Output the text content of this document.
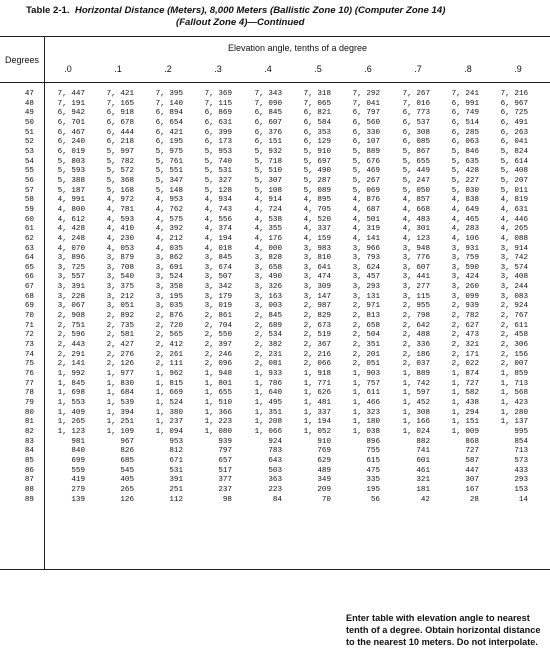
Table 2-1. Horizontal Distance (Meters), 8,000 Meters (Ballistic Zone 10) (Computer Zone 14)
(Fallout Zone 4)—Continued
Elevation angle, tenths of a degree
Degrees
.0	.1	.2	.3	.4	.5	.6	.7	.8	.9
47	7, 447	7, 421	7, 395	7, 369	7, 343	7, 318	7, 292	7, 267	7, 241	7, 216
48	7, 191	7, 165	7, 140	7, 115	7, 090	7, 065	7, 041	7, 016	6, 991	6, 967
49	6, 942	6, 918	6, 894	6, 869	6, 845	6, 821	6, 797	6, 773	6, 749	6, 725
50	6, 701	6, 678	6, 654	6, 631	6, 607	6, 584	6, 560	6, 537	6, 514	6, 491
51	6, 467	6, 444	6, 421	6, 399	6, 376	6, 353	6, 330	6, 308	6, 285	6, 263
52	6, 240	6, 218	6, 195	6, 173	6, 151	6, 129	6, 107	6, 085	6, 063	6, 041
53	6, 019	5, 997	5, 975	5, 953	5, 932	5, 910	5, 889	5, 867	5, 846	5, 824
54	5, 803	5, 782	5, 761	5, 740	5, 718	5, 697	5, 676	5, 655	5, 635	5, 614
55	5, 593	5, 572	5, 551	5, 531	5, 510	5, 490	5, 469	5, 449	5, 428	5, 408
56	5, 388	5, 368	5, 347	5, 327	5, 307	5, 287	5, 267	5, 247	5, 227	5, 207
57	5, 187	5, 168	5, 148	5, 128	5, 108	5, 089	5, 069	5, 050	5, 030	5, 011
58	4, 991	4, 972	4, 953	4, 934	4, 914	4, 895	4, 876	4, 857	4, 838	4, 819
59	4, 800	4, 781	4, 762	4, 743	4, 724	4, 705	4, 687	4, 668	4, 649	4, 631
60	4, 612	4, 593	4, 575	4, 556	4, 538	4, 520	4, 501	4, 483	4, 465	4, 446
61	4, 428	4, 410	4, 392	4, 374	4, 355	4, 337	4, 319	4, 301	4, 283	4, 265
62	4, 248	4, 230	4, 212	4, 194	4, 176	4, 159	4, 141	4, 123	4, 106	4, 088
63	4, 070	4, 053	4, 035	4, 018	4, 000	3, 983	3, 966	3, 948	3, 931	3, 914
64	3, 896	3, 879	3, 862	3, 845	3, 828	3, 810	3, 793	3, 776	3, 759	3, 742
65	3, 725	3, 708	3, 691	3, 674	3, 658	3, 641	3, 624	3, 607	3, 590	3, 574
66	3, 557	3, 540	3, 524	3, 507	3, 490	3, 474	3, 457	3, 441	3, 424	3, 408
67	3, 391	3, 375	3, 358	3, 342	3, 326	3, 309	3, 293	3, 277	3, 260	3, 244
68	3, 228	3, 212	3, 195	3, 179	3, 163	3, 147	3, 131	3, 115	3, 099	3, 083
69	3, 067	3, 051	3, 035	3, 019	3, 003	2, 987	2, 971	2, 955	2, 939	2, 924
70	2, 908	2, 892	2, 876	2, 861	2, 845	2, 829	2, 813	2, 798	2, 782	2, 767
71	2, 751	2, 735	2, 720	2, 704	2, 689	2, 673	2, 658	2, 642	2, 627	2, 611
72	2, 596	2, 581	2, 565	2, 550	2, 534	2, 519	2, 504	2, 488	2, 473	2, 458
73	2, 443	2, 427	2, 412	2, 397	2, 382	2, 367	2, 351	2, 336	2, 321	2, 306
74	2, 291	2, 276	2, 261	2, 246	2, 231	2, 216	2, 201	2, 186	2, 171	2, 156
75	2, 141	2, 126	2, 111	2, 096	2, 081	2, 066	2, 051	2, 037	2, 022	2, 007
76	1, 992	1, 977	1, 962	1, 948	1, 933	1, 918	1, 903	1, 889	1, 874	1, 859
77	1, 845	1, 830	1, 815	1, 801	1, 786	1, 771	1, 757	1, 742	1, 727	1, 713
78	1, 698	1, 684	1, 669	1, 655	1, 640	1, 626	1, 611	1, 597	1, 582	1, 568
79	1, 553	1, 539	1, 524	1, 510	1, 495	1, 481	1, 466	1, 452	1, 438	1, 423
80	1, 409	1, 394	1, 380	1, 366	1, 351	1, 337	1, 323	1, 308	1, 294	1, 280
81	1, 265	1, 251	1, 237	1, 223	1, 208	1, 194	1, 180	1, 166	1, 151	1, 137
82	1, 123	1, 109	1, 094	1, 080	1, 066	1, 052	1, 038	1, 024	1, 009	995
83	981	967	953	939	924	910	896	882	868	854
84	840	826	812	797	783	769	755	741	727	713
85	699	685	671	657	643	629	615	601	587	573
86	559	545	531	517	503	489	475	461	447	433
87	419	405	391	377	363	349	335	321	307	293
88	279	265	251	237	223	209	195	181	167	153
89	139	126	112	98	84	70	56	42	28	14
Enter table with elevation angle to nearest tenth of a degree. Obtain horizontal distance to the nearest 10 meters. Do not interpolate.
